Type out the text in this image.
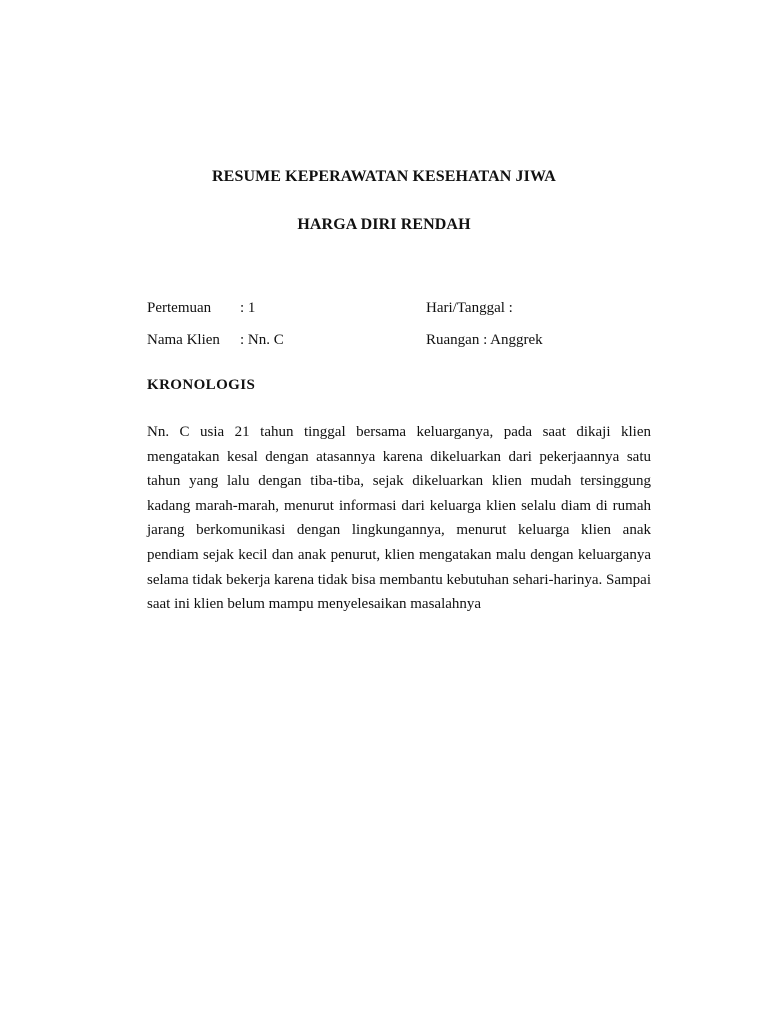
RESUME KEPERAWATAN KESEHATAN JIWA
HARGA DIRI RENDAH
Pertemuan : 1	Hari/Tanggal :
Nama Klien : Nn. C	Ruangan : Anggrek
KRONOLOGIS

Nn. C usia 21 tahun tinggal bersama keluarganya, pada saat dikaji klien mengatakan kesal dengan atasannya karena dikeluarkan dari pekerjaannya satu tahun yang lalu dengan tiba-tiba, sejak dikeluarkan klien mudah tersinggung kadang marah-marah, menurut informasi dari keluarga klien selalu diam di rumah jarang berkomunikasi dengan lingkungannya, menurut keluarga klien anak pendiam sejak kecil dan anak penurut, klien mengatakan malu dengan keluarganya selama tidak bekerja karena tidak bisa membantu kebutuhan sehari-harinya. Sampai saat ini klien belum mampu menyelesaikan masalahnya
